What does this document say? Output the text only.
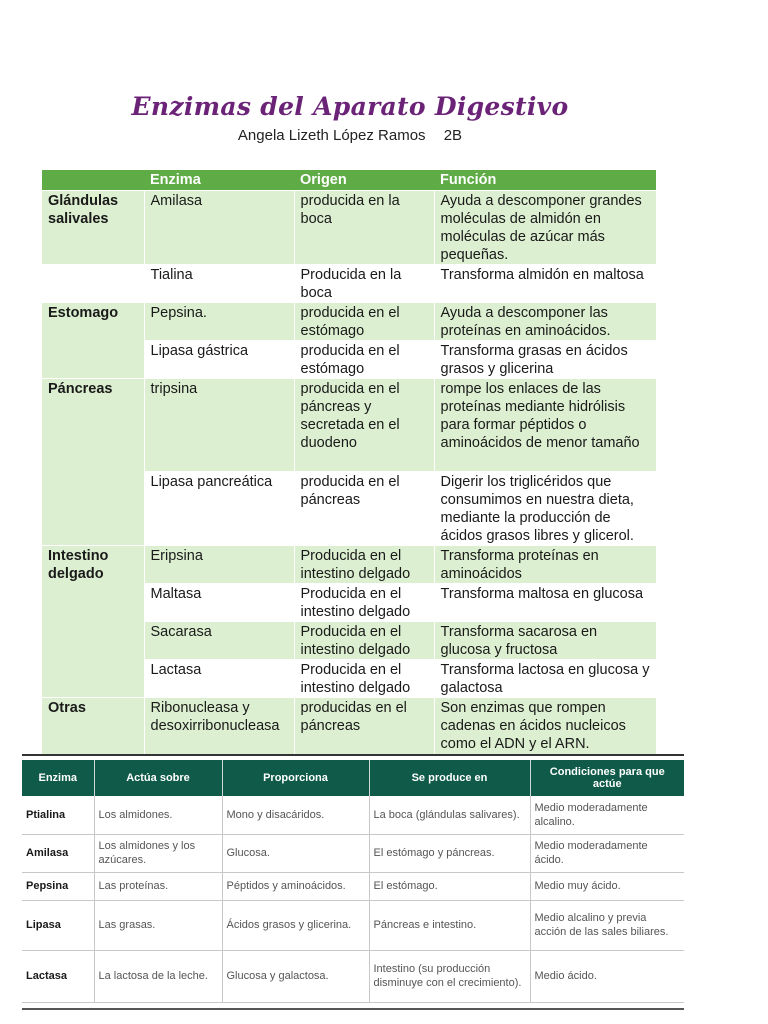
Enzimas del Aparato Digestivo
Angela Lizeth López Ramos 2B
	Enzima	Origen	Función
Glándulas salivales	Amilasa	producida en la boca	Ayuda a descomponer grandes moléculas de almidón en moléculas de azúcar más pequeñas.
	Tialina	Producida en la boca	Transforma almidón en maltosa
Estomago	Pepsina.	producida en el estómago	Ayuda a descomponer las proteínas en aminoácidos.
	Lipasa gástrica	producida en el estómago	Transforma grasas en ácidos grasos y glicerina
Páncreas	tripsina	producida en el páncreas y secretada en el duodeno	rompe los enlaces de las proteínas mediante hidrólisis para formar péptidos o aminoácidos de menor tamaño
	Lipasa pancreática	producida en el páncreas	Digerir los triglicéridos que consumimos en nuestra dieta, mediante la producción de ácidos grasos libres y glicerol.
Intestino delgado	Eripsina	Producida en el intestino delgado	Transforma proteínas en aminoácidos
	Maltasa	Producida en el intestino delgado	Transforma maltosa en glucosa
	Sacarasa	Producida en el intestino delgado	Transforma sacarosa en glucosa y fructosa
	Lactasa	Producida en el intestino delgado	Transforma lactosa en glucosa y galactosa
Otras	Ribonucleasa y desoxirribonucleasa	producidas en el páncreas	Son enzimas que rompen cadenas en ácidos nucleicos como el ADN y el ARN.
Enzima	Actúa sobre	Proporciona	Se produce en	Condiciones para que actúe
Ptialina	Los almidones.	Mono y disacáridos.	La boca (glándulas salivares).	Medio moderadamente alcalino.
Amilasa	Los almidones y los azúcares.	Glucosa.	El estómago y páncreas.	Medio moderadamente ácido.
Pepsina	Las proteínas.	Péptidos y aminoácidos.	El estómago.	Medio muy ácido.
Lipasa	Las grasas.	Ácidos grasos y glicerina.	Páncreas e intestino.	Medio alcalino y previa acción de las sales biliares.
Lactasa	La lactosa de la leche.	Glucosa y galactosa.	Intestino (su producción disminuye con el crecimiento).	Medio ácido.
